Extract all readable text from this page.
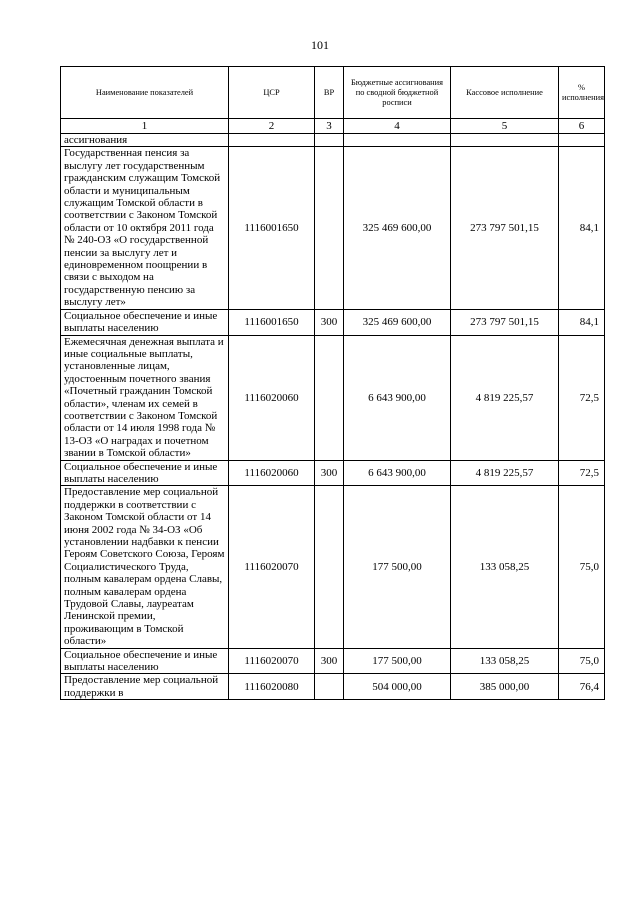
101
Наименование показателей	ЦСР	ВР	Бюджетные ассигнования по сводной бюджетной росписи	Кассовое исполнение	% исполнения
1	2	3	4	5	6
ассигнования					
Государственная пенсия за выслугу лет государственным гражданским служащим Томской области и муниципальным служащим Томской области в соответствии с Законом Томской области от 10 октября 2011 года № 240-ОЗ «О государственной пенсии за выслугу лет и единовременном поощрении в связи с выходом на государственную пенсию за выслугу лет»	1116001650		325 469 600,00	273 797 501,15	84,1
Социальное обеспечение и иные выплаты населению	1116001650	300	325 469 600,00	273 797 501,15	84,1
Ежемесячная денежная выплата и иные социальные выплаты, установленные лицам, удостоенным почетного звания «Почетный гражданин Томской области», членам их семей в соответствии с Законом Томской области от 14 июля 1998 года № 13-ОЗ «О наградах и почетном звании в Томской области»	1116020060		6 643 900,00	4 819 225,57	72,5
Социальное обеспечение и иные выплаты населению	1116020060	300	6 643 900,00	4 819 225,57	72,5
Предоставление мер социальной поддержки в соответствии с Законом Томской области от 14 июня 2002 года № 34-ОЗ «Об установлении надбавки к пенсии Героям Советского Союза, Героям Социалистического Труда, полным кавалерам ордена Славы, полным кавалерам ордена Трудовой Славы, лауреатам Ленинской премии, проживающим в Томской области»	1116020070		177 500,00	133 058,25	75,0
Социальное обеспечение и иные выплаты населению	1116020070	300	177 500,00	133 058,25	75,0
Предоставление мер социальной поддержки в	1116020080		504 000,00	385 000,00	76,4
